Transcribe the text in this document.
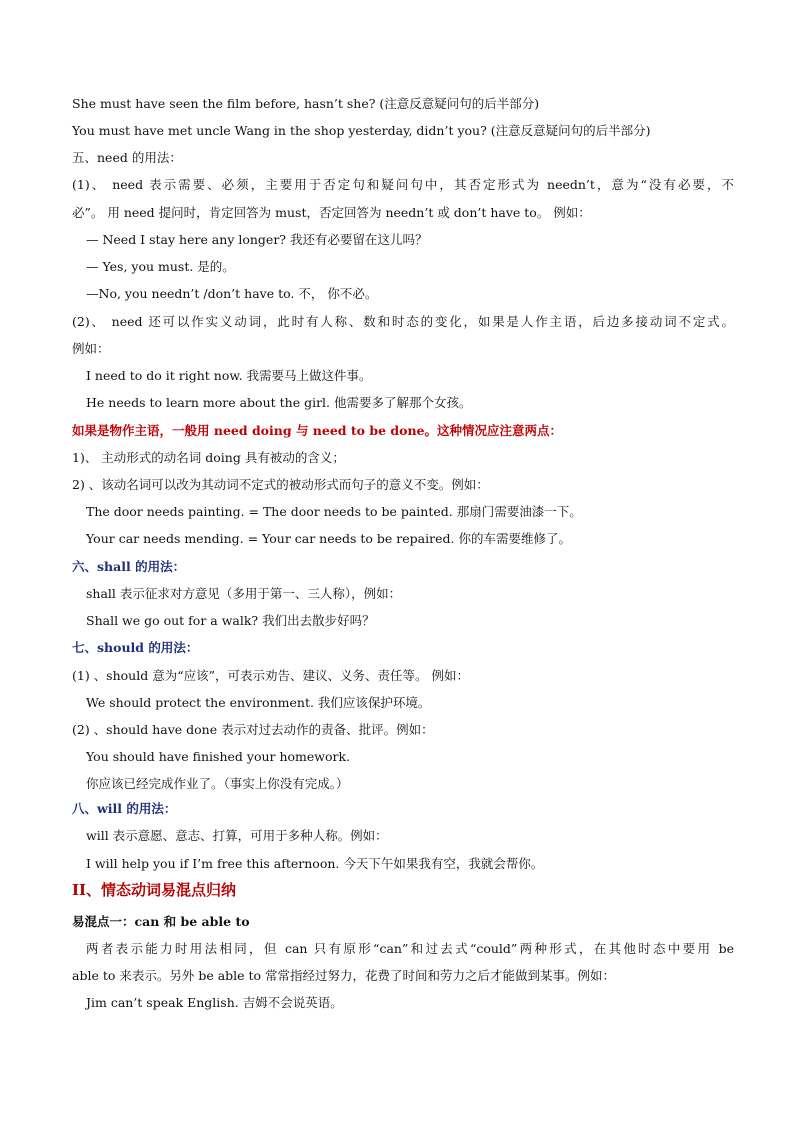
She must have seen the film before, hasn’t she? (注意反意疑问句的后半部分)
You must have met uncle Wang in the shop yesterday, didn’t you? (注意反意疑问句的后半部分)
五、need 的用法：
(1)、 need 表示需要、必须，主要用于否定句和疑问句中，其否定形式为 needn’t，意为“没有必要，不
必”。 用 need 提问时，肯定回答为 must，否定回答为 needn’t 或 don’t have to。 例如：
— Need I stay here any longer? 我还有必要留在这儿吗？
— Yes, you must. 是的。
—No, you needn’t /don’t have to. 不， 你不必。
(2)、 need 还可以作实义动词，此时有人称、数和时态的变化，如果是人作主语，后边多接动词不定式。
例如：
I need to do it right now. 我需要马上做这件事。
He needs to learn more about the girl. 他需要多了解那个女孩。
如果是物作主语，一般用 need doing 与 need to be done。这种情况应注意两点：
1)、 主动形式的动名词 doing 具有被动的含义；
2) 、该动名词可以改为其动词不定式的被动形式而句子的意义不变。例如：
The door needs painting. = The door needs to be painted. 那扇门需要油漆一下。
Your car needs mending. = Your car needs to be repaired. 你的车需要维修了。
六、shall 的用法：
shall 表示征求对方意见（多用于第一、三人称），例如：
Shall we go out for a walk? 我们出去散步好吗？
七、should 的用法：
(1) 、should 意为“应该”，可表示劝告、建议、义务、责任等。 例如：
We should protect the environment. 我们应该保护环境。
(2) 、should have done 表示对过去动作的责备、批评。例如：
You should have finished your homework.
你应该已经完成作业了。（事实上你没有完成。）
八、will 的用法：
will 表示意愿、意志、打算，可用于多种人称。例如：
I will help you if I’m free this afternoon. 今天下午如果我有空，我就会帮你。
II、情态动词易混点归纳
易混点一：can 和 be able to
两者表示能力时用法相同，但 can 只有原形“can”和过去式“could”两种形式，在其他时态中要用 be
able to 来表示。另外 be able to 常常指经过努力，花费了时间和劳力之后才能做到某事。例如：
Jim can’t speak English. 吉姆不会说英语。
